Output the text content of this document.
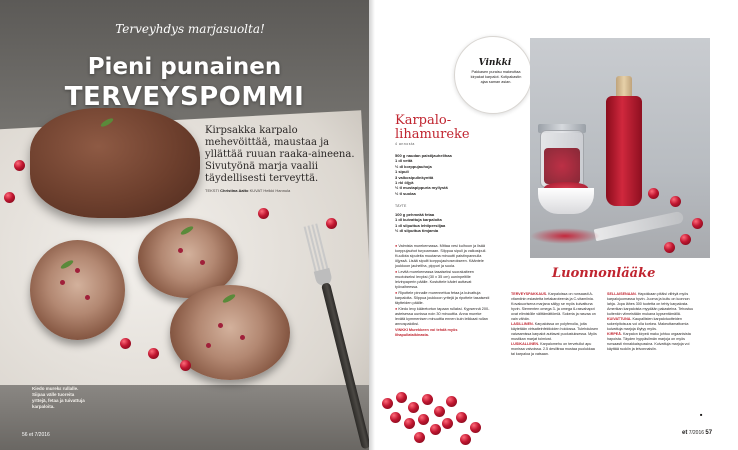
Terveyhdys marjasuolta!
Pieni punainen
TERVEYSPOMMI
Kirpsakka karpalo mehevöittää, maustaa ja yllättää ruuan raaka-aineena. Sivutyönä marja vaalii täydellisesti terveyttä.
TEKSTI Christina Aalto KUVAT Heikki Hannula
Kiedo murekε rullalle. Siipaa välle tuoreita yrttejä, fetaa ja tuivattuja karpaloita.
56 et 7/2016
Vinkki
Pakkasen puraisu makeuttaa kirpakat karpalot. Kotipakastin ajaa saman asian.
Karpalo-lihamureke
4 annosta
500 g naudan paistijauhelihaa
1 dl vettä
½ dl korppujauhoja
1 sipuli
3 valkosipulinkynttä
1 rkl öljyä
½ tl mustapippuria myllystä
½ tl suolaa
TÄYTE
100 g pehmeää fetaa
1 dl kuivattuja karpaloita
1 dl silputtua lehtipersiljaa
½ dl silputtua timjamia

● Valmista murekemassa. Mittaa vesi kulhoon ja lisää korppujauhot turpoamaan. Silppua sipuli ja valkosipuli. Kuullota sipuleita muutama minuutti paistinpannulla öljyssä. Lisää sipulit korppujauhoseokseen. Kääntele joukkoon jauheliha, pippuri ja suola.

● Levitä murekemassa tasaiseksi suorakaiteen muotoiseksi levyksi (30 x 35 cm) uuninpeltille leivinpaperin päälle. Kostuttele kädet auttavat työvaiheessa.

● Ripottele pinnalle murennettua fetaa ja kuivattuja karpaloita. Silppua joukkoon yrttejä ja ripottele tasaisesti täytteiden päälle.

● Kiedo levy kääretortun tapaan rullaksi. Kypsennä 200-asteisessa uunissa noin 30 minuuttia. Anna mureke levätä kymmenisen minuuttia ennen kuin leikkaat rullan annospaloiksi.

VINKKI Murekkeen voi tehdä myös lihapullataikinasta.

Luonnonlääke

TERVEYSPAKKAUS. Karpaloissa on runsaasti A-vitamiinin esiastetta betakaroteenia ja C-vitamiinia. Kovakuorisena marjana säilyy se myös kuivattuna hyvin. Siementen omega 3- ja omega 6-rasvahapot ovat elimistölle välttämättömiä. Sokeria ja rasvaa on vain vähän.

LASILLINEN. Karpaloissa on polyfenolia, joita käytetään virtsatieinfektioiden hoidossa. Tulehduksen vaivaamissa karpalot auttavat puolustuksessa. Myös mustikan marjat toimivat.

LUSIKALLINEN. Karpalomehu on tervetullut apu monissa vaivoissa. 2.5 desilitraa mustaa puolukkaa tai karpaloa ja vatsaan.

SELLAISENAAN. Hapokkaan pitäisi viihtyä myös karpalojuomassa hyvin. Juoma ja kuitu on luonnon lahja. Jopa lähes 300 tuotetta on tehty karpalosta. Amerikan karpaloista myydään pakasteina. Tehostuu kuitenkin viimeistään mukana kypsentämällä.

KUIVATTUNA. Kaupallisten karpalotuotteiden sokeripitoisuus voi olla korkea. Makeuttamattomia kuivattuja marjoja löytyy myös.

KIRPEÄ. Karpalon kirpeä maku johtuu orgaanisista hapoista. Täyden hyppäsilmän marjoja on myös runsaasti rinnakkaispussina. Kuivattuja marjoja voi käyttää ruokiin ja leivonnaisiin.

■
et 7/2016 57
